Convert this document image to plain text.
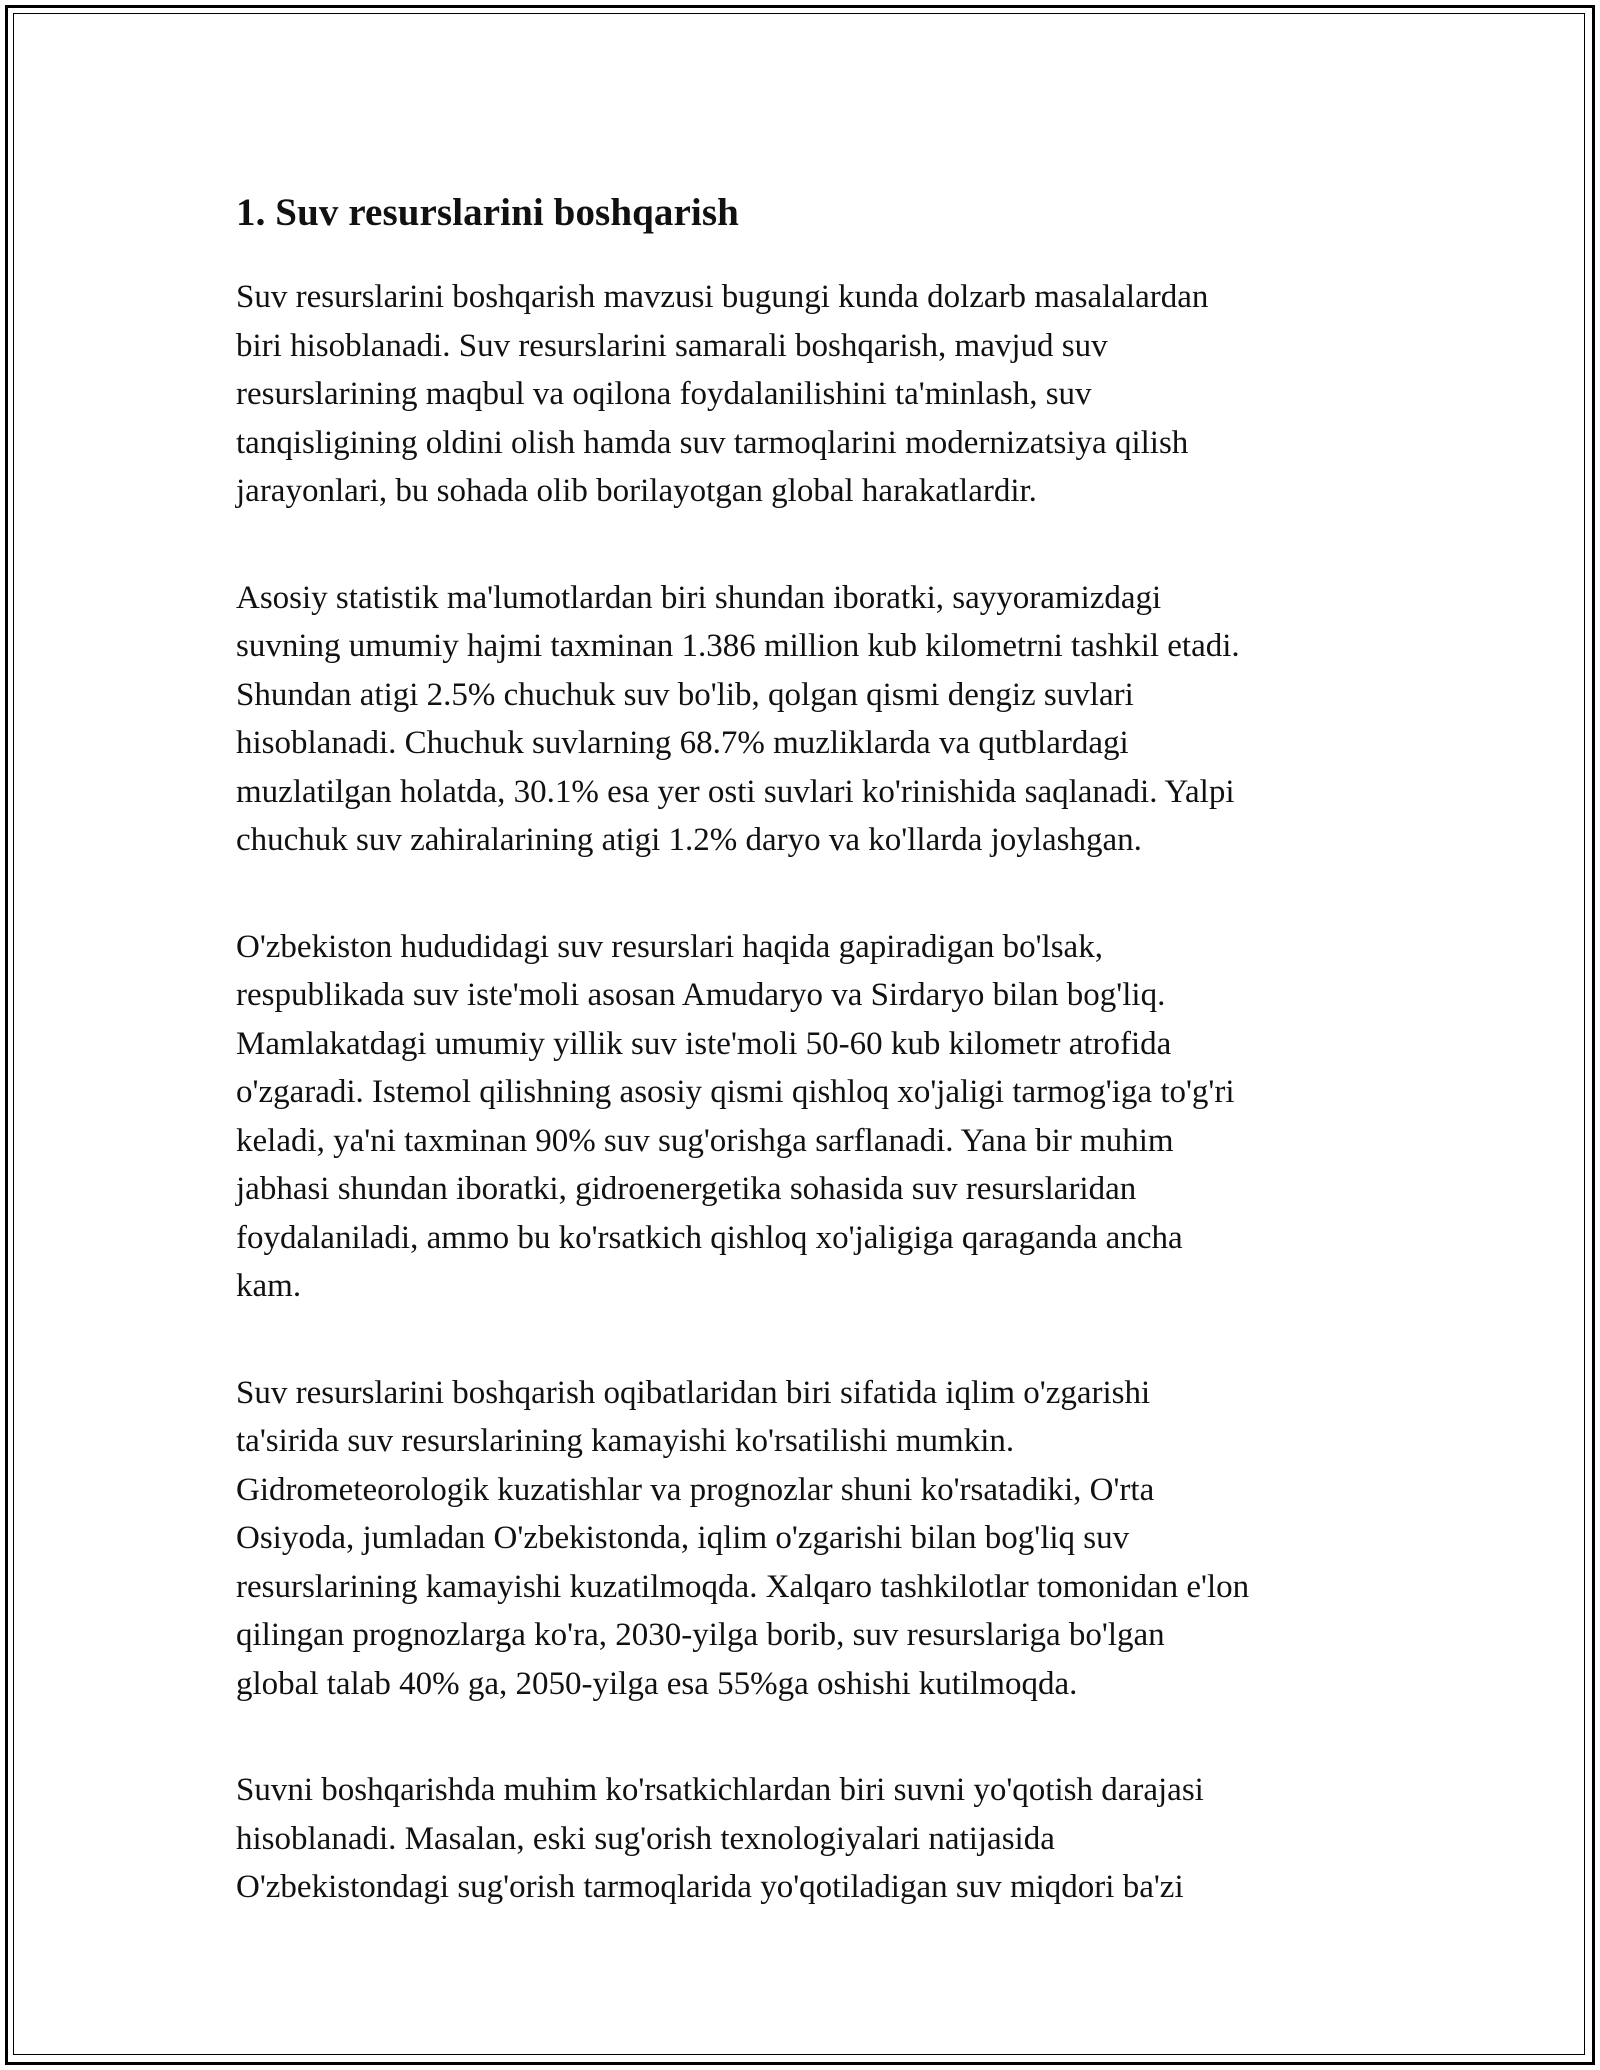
1. Suv resurslarini boshqarish

Suv resurslarini boshqarish mavzusi bugungi kunda dolzarb masalalardan
biri hisoblanadi. Suv resurslarini samarali boshqarish, mavjud suv
resurslarining maqbul va oqilona foydalanilishini ta'minlash, suv
tanqisligining oldini olish hamda suv tarmoqlarini modernizatsiya qilish
jarayonlari, bu sohada olib borilayotgan global harakatlardir.

Asosiy statistik ma'lumotlardan biri shundan iboratki, sayyoramizdagi
suvning umumiy hajmi taxminan 1.386 million kub kilometrni tashkil etadi.
Shundan atigi 2.5% chuchuk suv bo'lib, qolgan qismi dengiz suvlari
hisoblanadi. Chuchuk suvlarning 68.7% muzliklarda va qutblardagi
muzlatilgan holatda, 30.1% esa yer osti suvlari ko'rinishida saqlanadi. Yalpi
chuchuk suv zahiralarining atigi 1.2% daryo va ko'llarda joylashgan.

O'zbekiston hududidagi suv resurslari haqida gapiradigan bo'lsak,
respublikada suv iste'moli asosan Amudaryo va Sirdaryo bilan bog'liq.
Mamlakatdagi umumiy yillik suv iste'moli 50-60 kub kilometr atrofida
o'zgaradi. Istemol qilishning asosiy qismi qishloq xo'jaligi tarmog'iga to'g'ri
keladi, ya'ni taxminan 90% suv sug'orishga sarflanadi. Yana bir muhim
jabhasi shundan iboratki, gidroenergetika sohasida suv resurslaridan
foydalaniladi, ammo bu ko'rsatkich qishloq xo'jaligiga qaraganda ancha
kam.

Suv resurslarini boshqarish oqibatlaridan biri sifatida iqlim o'zgarishi
ta'sirida suv resurslarining kamayishi ko'rsatilishi mumkin.
Gidrometeorologik kuzatishlar va prognozlar shuni ko'rsatadiki, O'rta
Osiyoda, jumladan O'zbekistonda, iqlim o'zgarishi bilan bog'liq suv
resurslarining kamayishi kuzatilmoqda. Xalqaro tashkilotlar tomonidan e'lon
qilingan prognozlarga ko'ra, 2030-yilga borib, suv resurslariga bo'lgan
global talab 40% ga, 2050-yilga esa 55%ga oshishi kutilmoqda.

Suvni boshqarishda muhim ko'rsatkichlardan biri suvni yo'qotish darajasi
hisoblanadi. Masalan, eski sug'orish texnologiyalari natijasida
O'zbekistondagi sug'orish tarmoqlarida yo'qotiladigan suv miqdori ba'zi
